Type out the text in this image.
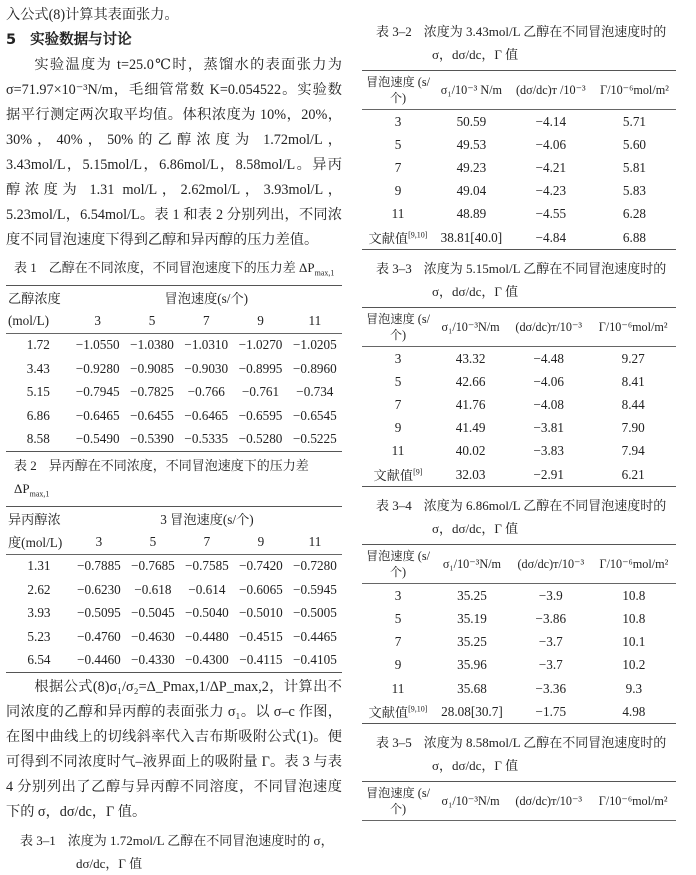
入公式(8)计算其表面张力。

5 实验数据与讨论

实验温度为 t=25.0℃时，蒸馏水的表面张力为 σ=71.97×10⁻³N/m，毛细管常数 K=0.054522。实验数据平行测定两次取平均值。体积浓度为 10%，20%，30%，40%，50%的乙醇浓度为 1.72mol/L，3.43mol/L，5.15mol/L，6.86mol/L，8.58mol/L。异丙醇浓度为 1.31 mol/L，2.62mol/L，3.93mol/L，5.23mol/L，6.54mol/L。表 1 和表 2 分别列出，不同浓度不同冒泡速度下得到乙醇和异丙醇的压力差值。

表 1 乙醇在不同浓度，不同冒泡速度下的压力差 $\Delta P_{max,1}$
乙醇浓度	冒泡速度(s/个)				
(mol/L)	3	5	7	9	11
1.72	−1.0550	−1.0380	−1.0310	−1.0270	−1.0205
3.43	−0.9280	−0.9085	−0.9030	−0.8995	−0.8960
5.15	−0.7945	−0.7825	−0.766	−0.761	−0.734
6.86	−0.6465	−0.6455	−0.6465	−0.6595	−0.6545
8.58	−0.5490	−0.5390	−0.5335	−0.5280	−0.5225
表 2 异丙醇在不同浓度，不同冒泡速度下的压力差 $\Delta P_{max,1}$
异丙醇浓	3 冒泡速度(s/个)				
度(mol/L)	3	5	7	9	11
1.31	−0.7885	−0.7685	−0.7585	−0.7420	−0.7280
2.62	−0.6230	−0.618	−0.614	−0.6065	−0.5945
3.93	−0.5095	−0.5045	−0.5040	−0.5010	−0.5005
5.23	−0.4760	−0.4630	−0.4480	−0.4515	−0.4465
6.54	−0.4460	−0.4330	−0.4300	−0.4115	−0.4105

根据公式(8)σ₁/σ₂=Δ_Pmax,1/ΔP_max,2，计算出不同浓度的乙醇和异丙醇的表面张力 σ₁。以 σ–c 作图，在图中曲线上的切线斜率代入吉布斯吸附公式(1)。便可得到不同浓度时气–液界面上的吸附量 Γ。表 3 与表 4 分别列出了乙醇与异丙醇不同溶度，不同冒泡速度下的 σ，dσ/dc，Γ 值。

表 3–1 浓度为 1.72mol/L 乙醇在不同冒泡速度时的 σ，dσ/dc，Γ 值
表 3–2 浓度为 3.43mol/L 乙醇在不同冒泡速度时的 σ，dσ/dc，Γ 值
冒泡速度 (s/个)	σ₁/10⁻³ N/m	(dσ/dc)ᴛ /10⁻³	Γ/10⁻⁶mol/m²
3	50.59	−4.14	5.71
5	49.53	−4.06	5.60
7	49.23	−4.21	5.81
9	49.04	−4.23	5.83
11	48.89	−4.55	6.28
文献值[9,10]	38.81[40.0]	−4.84	6.88
表 3–3 浓度为 5.15mol/L 乙醇在不同冒泡速度时的 σ，dσ/dc，Γ 值
冒泡速度 (s/个)	σ₁/10⁻³N/m	(dσ/dc)ᴛ/10⁻³	Γ/10⁻⁶mol/m²
3	43.32	−4.48	9.27
5	42.66	−4.06	8.41
7	41.76	−4.08	8.44
9	41.49	−3.81	7.90
11	40.02	−3.83	7.94
文献值[9]	32.03	−2.91	6.21
表 3–4 浓度为 6.86mol/L 乙醇在不同冒泡速度时的 σ，dσ/dc，Γ 值
冒泡速度 (s/个)	σ₁/10⁻³N/m	(dσ/dc)ᴛ/10⁻³	Γ/10⁻⁶mol/m²
3	35.25	−3.9	10.8
5	35.19	−3.86	10.8
7	35.25	−3.7	10.1
9	35.96	−3.7	10.2
11	35.68	−3.36	9.3
文献值[9,10]	28.08[30.7]	−1.75	4.98
表 3–5 浓度为 8.58mol/L 乙醇在不同冒泡速度时的 σ，dσ/dc，Γ 值
冒泡速度 (s/个)	σ₁/10⁻³N/m	(dσ/dc)ᴛ/10⁻³	Γ/10⁻⁶mol/m²
